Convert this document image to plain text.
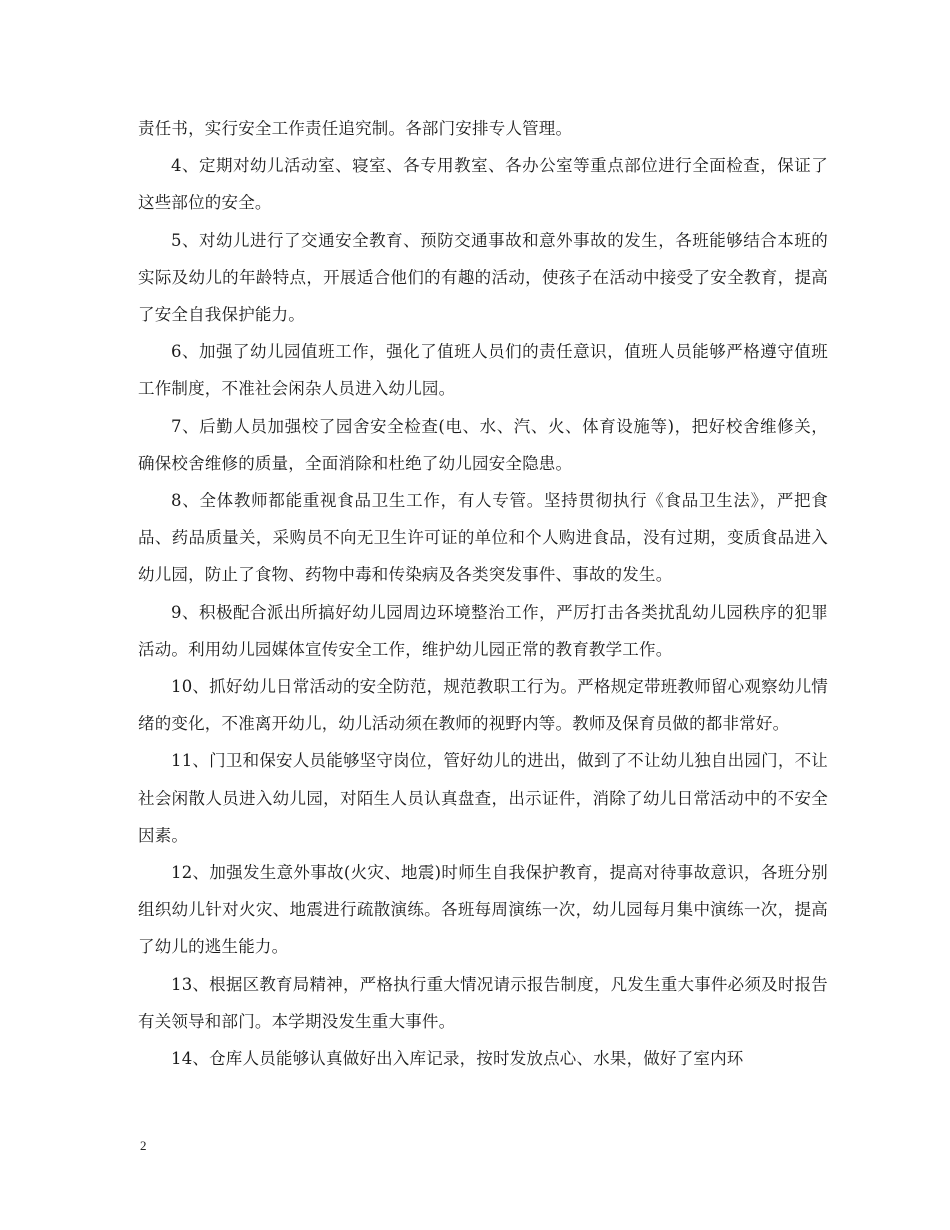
责任书，实行安全工作责任追究制。各部门安排专人管理。

4、定期对幼儿活动室、寝室、各专用教室、各办公室等重点部位进行全面检查，保证了这些部位的安全。

5、对幼儿进行了交通安全教育、预防交通事故和意外事故的发生，各班能够结合本班的实际及幼儿的年龄特点，开展适合他们的有趣的活动，使孩子在活动中接受了安全教育，提高了安全自我保护能力。

6、加强了幼儿园值班工作，强化了值班人员们的责任意识，值班人员能够严格遵守值班工作制度，不准社会闲杂人员进入幼儿园。

7、后勤人员加强校了园舍安全检查(电、水、汽、火、体育设施等)，把好校舍维修关，确保校舍维修的质量，全面消除和杜绝了幼儿园安全隐患。

8、全体教师都能重视食品卫生工作，有人专管。坚持贯彻执行《食品卫生法》，严把食品、药品质量关，采购员不向无卫生许可证的单位和个人购进食品，没有过期，变质食品进入幼儿园，防止了食物、药物中毒和传染病及各类突发事件、事故的发生。

9、积极配合派出所搞好幼儿园周边环境整治工作，严厉打击各类扰乱幼儿园秩序的犯罪活动。利用幼儿园媒体宣传安全工作，维护幼儿园正常的教育教学工作。

10、抓好幼儿日常活动的安全防范，规范教职工行为。严格规定带班教师留心观察幼儿情绪的变化，不准离开幼儿，幼儿活动须在教师的视野内等。教师及保育员做的都非常好。

11、门卫和保安人员能够坚守岗位，管好幼儿的进出，做到了不让幼儿独自出园门，不让社会闲散人员进入幼儿园，对陌生人员认真盘查，出示证件，消除了幼儿日常活动中的不安全因素。

12、加强发生意外事故(火灾、地震)时师生自我保护教育，提高对待事故意识，各班分别组织幼儿针对火灾、地震进行疏散演练。各班每周演练一次，幼儿园每月集中演练一次，提高了幼儿的逃生能力。

13、根据区教育局精神，严格执行重大情况请示报告制度，凡发生重大事件必须及时报告有关领导和部门。本学期没发生重大事件。

14、仓库人员能够认真做好出入库记录，按时发放点心、水果，做好了室内环

2
